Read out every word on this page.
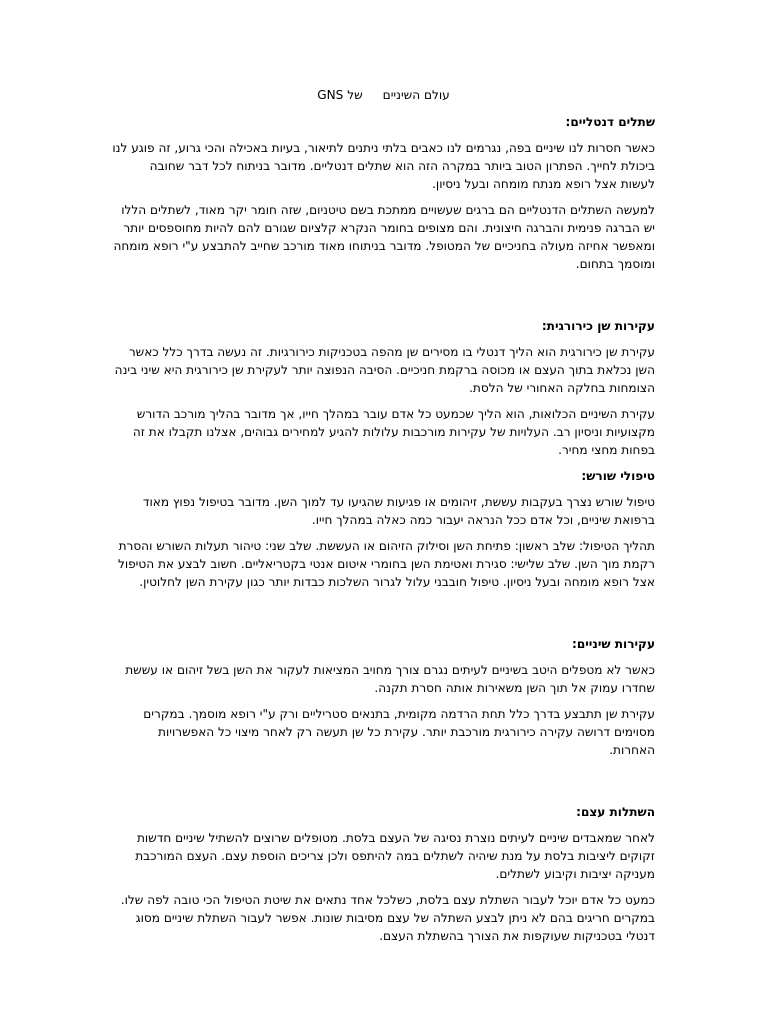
עולם השינייםשל GNS
שתלים דנטליים:

כאשר חסרות לנו שיניים בפה, נגרמים לנו כאבים בלתי ניתנים לתיאור, בעיות באכילה והכי גרוע, זה פוגע לנו ביכולת לחייך. הפתרון הטוב ביותר במקרה הזה הוא שתלים דנטליים. מדובר בניתוח לכל דבר שחובה לעשות אצל רופא מנתח מומחה ובעל ניסיון.

למעשה השתלים הדנטליים הם ברגים שעשויים ממתכת בשם טיטניום, שזה חומר יקר מאוד, לשתלים הללו יש הברגה פנימית והברגה חיצונית. והם מצופים בחומר הנקרא קלציום שגורם להם להיות מחוספסים יותר ומאפשר אחיזה מעולה בחניכיים של המטופל. מדובר בניתוחו מאוד מורכב שחייב להתבצע ע"י רופא מומחה ומוסמך בתחום.

עקירות שן כירורגית:

עקירת שן כירורגית הוא הליך דנטלי בו מסירים שן מהפה בטכניקות כירורגיות. זה נעשה בדרך כלל כאשר השן נכלאת בתוך העצם או מכוסה ברקמת חניכיים. הסיבה הנפוצה יותר לעקירת שן כירורגית היא שיני בינה הצומחות בחלקה האחורי של הלסת.

עקירת השיניים הכלואות, הוא הליך שכמעט כל אדם עובר במהלך חייו, אך מדובר בהליך מורכב הדורש מקצועיות וניסיון רב. העלויות של עקירות מורכבות עלולות להגיע למחירים גבוהים, אצלנו תקבלו את זה בפחות מחצי מחיר.

טיפולי שורש:

טיפול שורש נצרך בעקבות עששת, זיהומים או פגיעות שהגיעו עד למוך השן. מדובר בטיפול נפוץ מאוד ברפואת שיניים, וכל אדם ככל הנראה יעבור כמה כאלה במהלך חייו.

תהליך הטיפול: שלב ראשון: פתיחת השן וסילוק הזיהום או העששת. שלב שני: טיהור תעלות השורש והסרת רקמת מוך השן. שלב שלישי: סגירת ואטימת השן בחומרי איטום אנטי בקטריאליים. חשוב לבצע את הטיפול אצל רופא מומחה ובעל ניסיון. טיפול חובבני עלול לגרור השלכות כבדות יותר כגון עקירת השן לחלוטין.

עקירות שיניים:

כאשר לא מטפלים היטב בשיניים לעיתים נגרם צורך מחויב המציאות לעקור את השן בשל זיהום או עששת שחדרו עמוק אל תוך השן משאירות אותה חסרת תקנה.

עקירת שן תתבצע בדרך כלל תחת הרדמה מקומית, בתנאים סטריליים ורק ע"י רופא מוסמך. במקרים מסוימים דרושה עקירה כירורגית מורכבת יותר. עקירת כל שן תעשה רק לאחר מיצוי כל האפשרויות האחרות.

השתלות עצם:

לאחר שמאבדים שיניים לעיתים נוצרת נסיגה של העצם בלסת. מטופלים שרוצים להשתיל שיניים חדשות זקוקים ליציבות בלסת על מנת שיהיה לשתלים במה להיתפס ולכן צריכים הוספת עצם. העצם המורכבת מעניקה יציבות וקיבוע לשתלים.

כמעט כל אדם יוכל לעבור השתלת עצם בלסת, כשלכל אחד נתאים את שיטת הטיפול הכי טובה לפה שלו. במקרים חריגים בהם לא ניתן לבצע השתלה של עצם מסיבות שונות. אפשר לעבור השתלת שיניים מסוג דנטלי בטכניקות שעוקפות את הצורך בהשתלת העצם.
